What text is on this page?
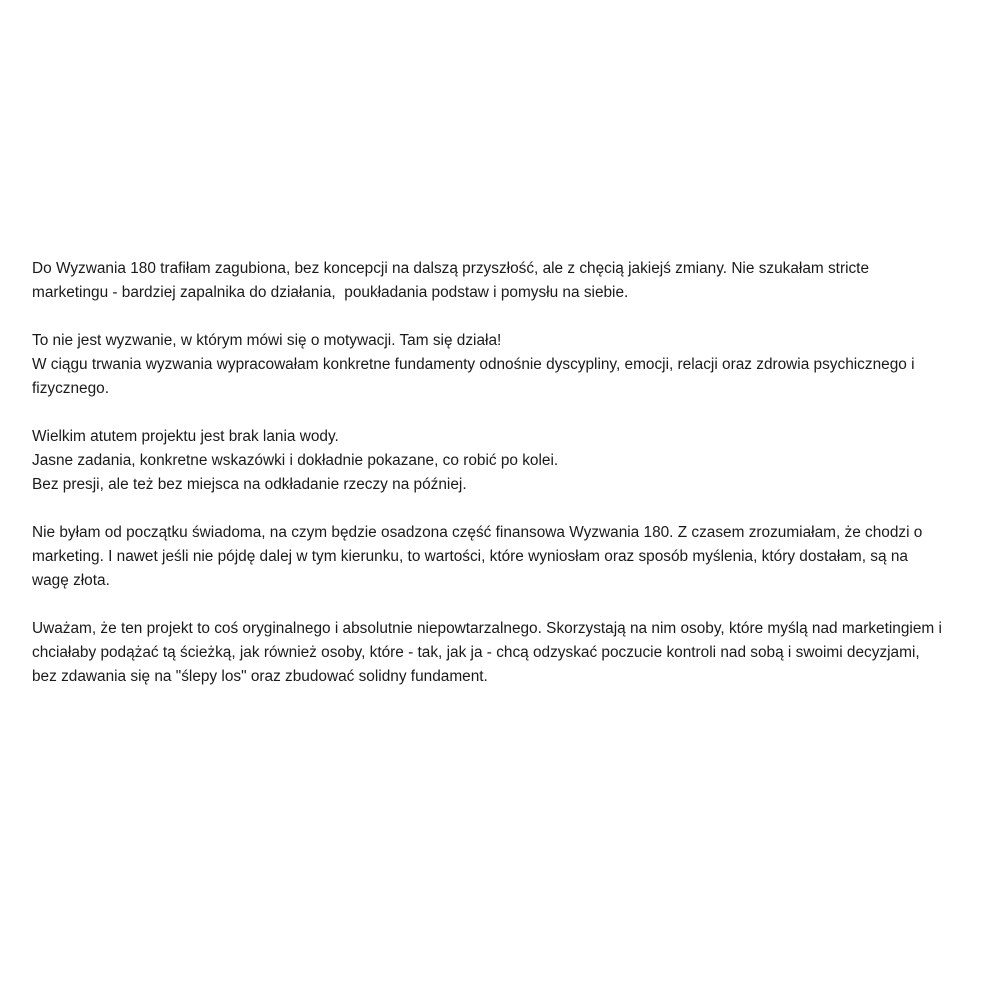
Do Wyzwania 180 trafiłam zagubiona, bez koncepcji na dalszą przyszłość, ale z chęcią jakiejś zmiany. Nie szukałam stricte
marketingu - bardziej zapalnika do działania,  poukładania podstaw i pomysłu na siebie.

To nie jest wyzwanie, w którym mówi się o motywacji. Tam się działa!
W ciągu trwania wyzwania wypracowałam konkretne fundamenty odnośnie dyscypliny, emocji, relacji oraz zdrowia psychicznego i
fizycznego.

Wielkim atutem projektu jest brak lania wody.
Jasne zadania, konkretne wskazówki i dokładnie pokazane, co robić po kolei.
Bez presji, ale też bez miejsca na odkładanie rzeczy na później.

Nie byłam od początku świadoma, na czym będzie osadzona część finansowa Wyzwania 180. Z czasem zrozumiałam, że chodzi o
marketing. I nawet jeśli nie pójdę dalej w tym kierunku, to wartości, które wyniosłam oraz sposób myślenia, który dostałam, są na
wagę złota.

Uważam, że ten projekt to coś oryginalnego i absolutnie niepowtarzalnego. Skorzystają na nim osoby, które myślą nad marketingiem i
chciałaby podążać tą ścieżką, jak również osoby, które - tak, jak ja - chcą odzyskać poczucie kontroli nad sobą i swoimi decyzjami,
bez zdawania się na "ślepy los" oraz zbudować solidny fundament.
